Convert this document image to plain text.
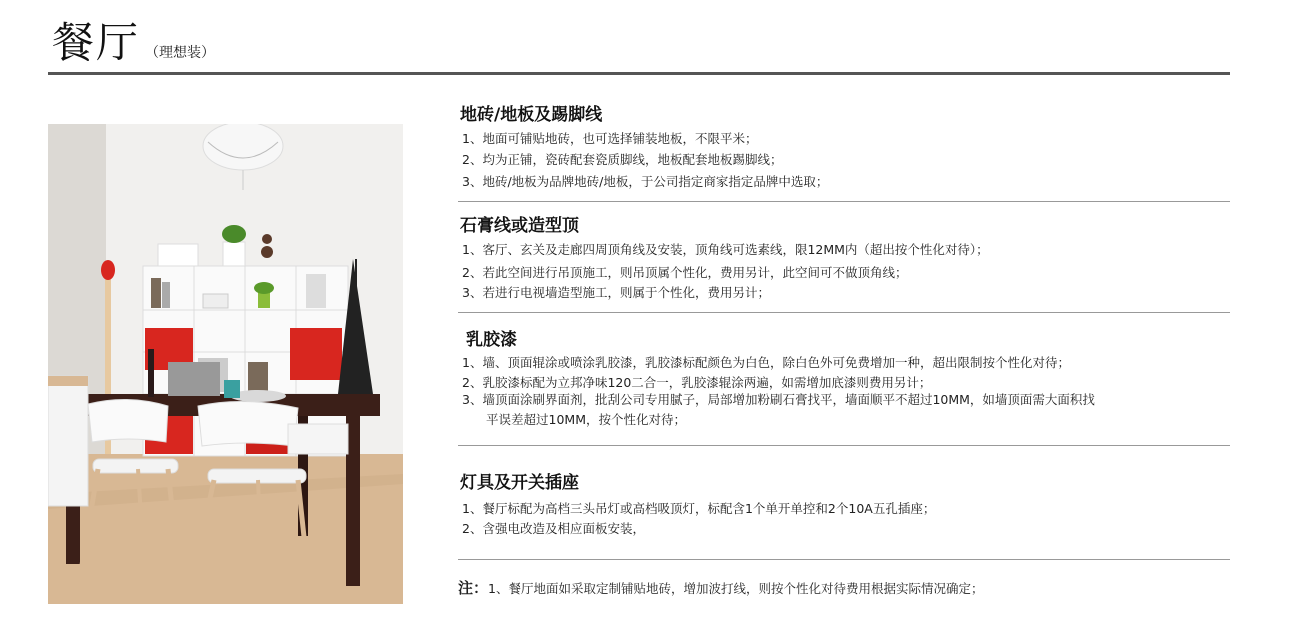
餐厅 （理想装）
地砖/地板及踢脚线
1、地面可铺贴地砖，也可选择铺装地板，不限平米；
2、均为正铺，瓷砖配套瓷质脚线，地板配套地板踢脚线；
3、地砖/地板为品牌地砖/地板，于公司指定商家指定品牌中选取；
石膏线或造型顶
1、客厅、玄关及走廊四周顶角线及安装，顶角线可选素线，限12MM内（超出按个性化对待）；
2、若此空间进行吊顶施工，则吊顶属个性化，费用另计，此空间可不做顶角线；
3、若进行电视墙造型施工，则属于个性化，费用另计；
乳胶漆
1、墙、顶面辊涂或喷涂乳胶漆，乳胶漆标配颜色为白色，除白色外可免费增加一种，超出限制按个性化对待；
2、乳胶漆标配为立邦净味120二合一，乳胶漆辊涂两遍，如需增加底漆则费用另计；
3、墙顶面涂刷界面剂，批刮公司专用腻子，局部增加粉刷石膏找平，墙面顺平不超过10MM，如墙顶面需大面积找
平误差超过10MM，按个性化对待；
灯具及开关插座
1、餐厅标配为高档三头吊灯或高档吸顶灯，标配含1个单开单控和2个10A五孔插座；
2、含强电改造及相应面板安装，
注：1、餐厅地面如采取定制铺贴地砖，增加波打线，则按个性化对待费用根据实际情况确定；
